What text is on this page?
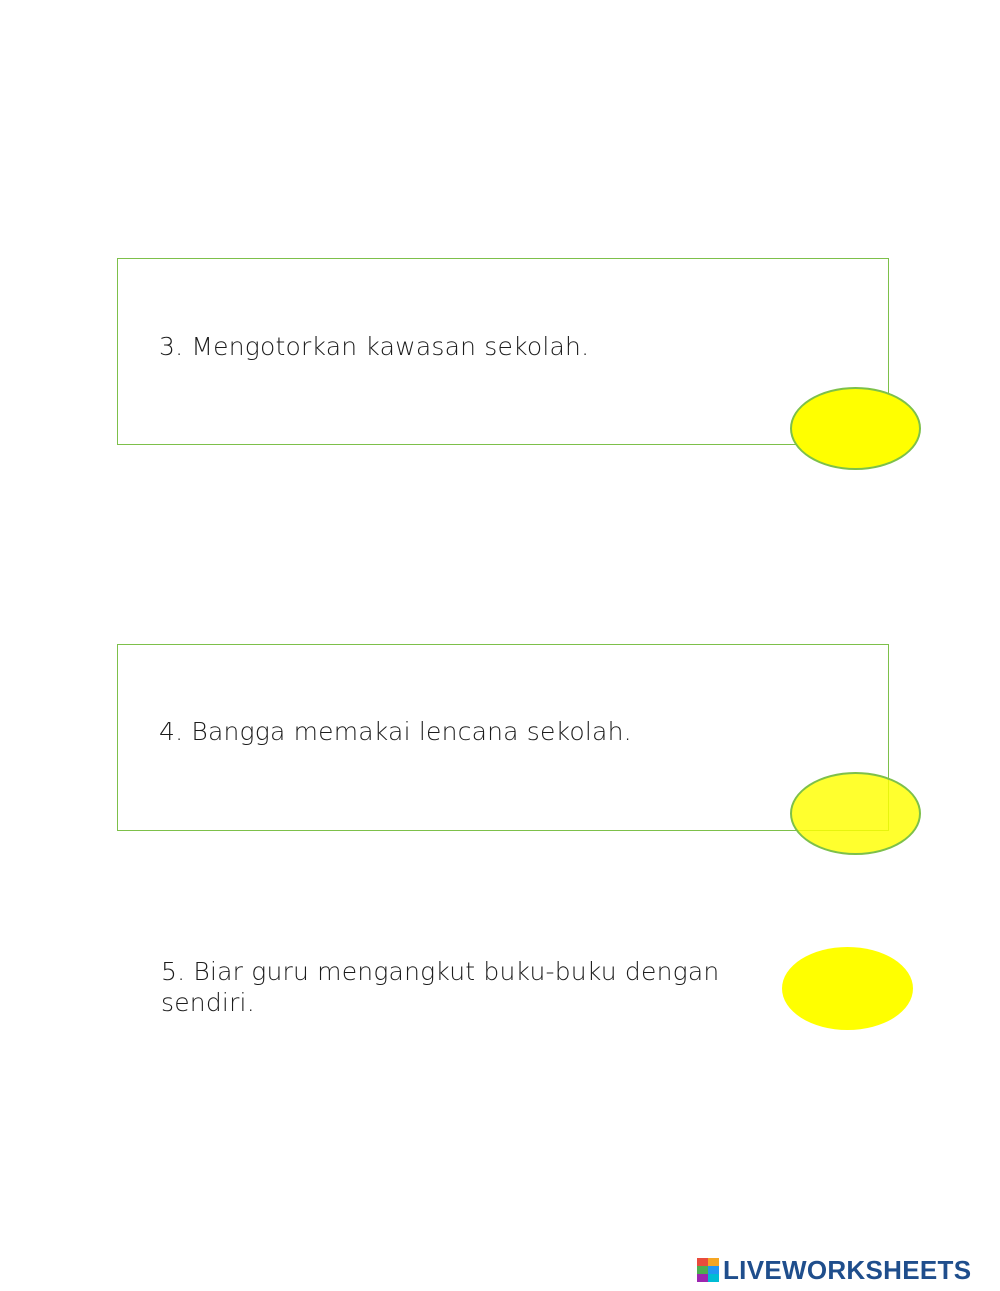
3. Mengotorkan kawasan sekolah.
4. Bangga memakai lencana sekolah.
5. Biar guru mengangkut buku-buku dengan sendiri.
LIVEWORKSHEETS
